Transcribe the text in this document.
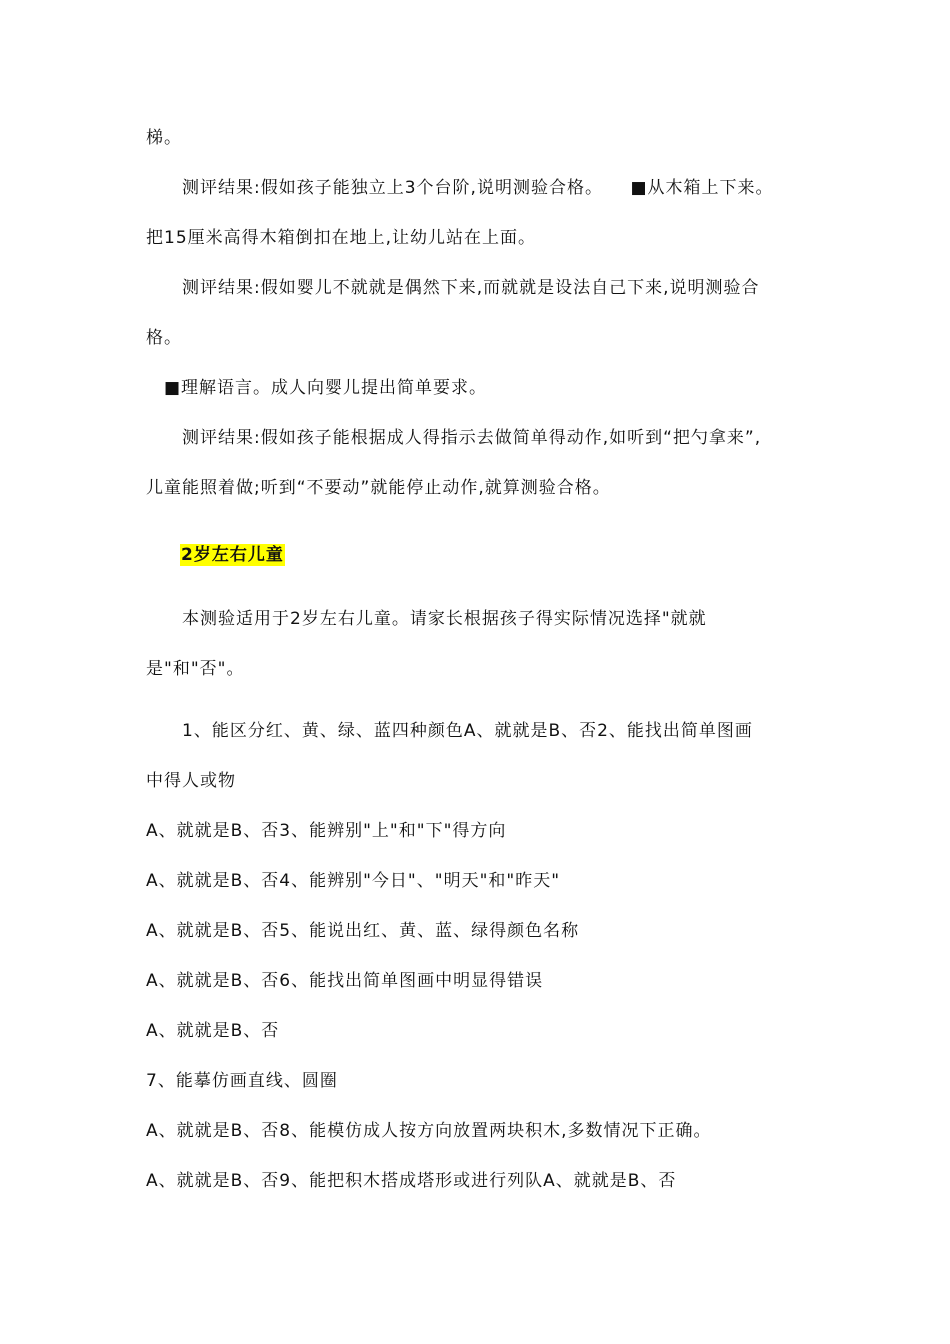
梯。
　　测评结果:假如孩子能独立上3个台阶,说明测验合格。　　■从木箱上下来。
把15厘米高得木箱倒扣在地上,让幼儿站在上面。
　　测评结果:假如婴儿不就就是偶然下来,而就就是设法自己下来,说明测验合
格。
　■理解语言。成人向婴儿提出简单要求。
　　测评结果:假如孩子能根据成人得指示去做简单得动作,如听到“把勺拿来”,
儿童能照着做;听到“不要动”就能停止动作,就算测验合格。
2岁左右儿童
　　本测验适用于2岁左右儿童。请家长根据孩子得实际情况选择"就就
是"和"否"。
　　1、能区分红、黄、绿、蓝四种颜色A、就就是B、否2、能找出简单图画
中得人或物
A、就就是B、否3、能辨别"上"和"下"得方向
A、就就是B、否4、能辨别"今日"、"明天"和"昨天"
A、就就是B、否5、能说出红、黄、蓝、绿得颜色名称
A、就就是B、否6、能找出简单图画中明显得错误
A、就就是B、否
7、能摹仿画直线、圆圈
A、就就是B、否8、能模仿成人按方向放置两块积木,多数情况下正确。
A、就就是B、否9、能把积木搭成塔形或进行列队A、就就是B、否
